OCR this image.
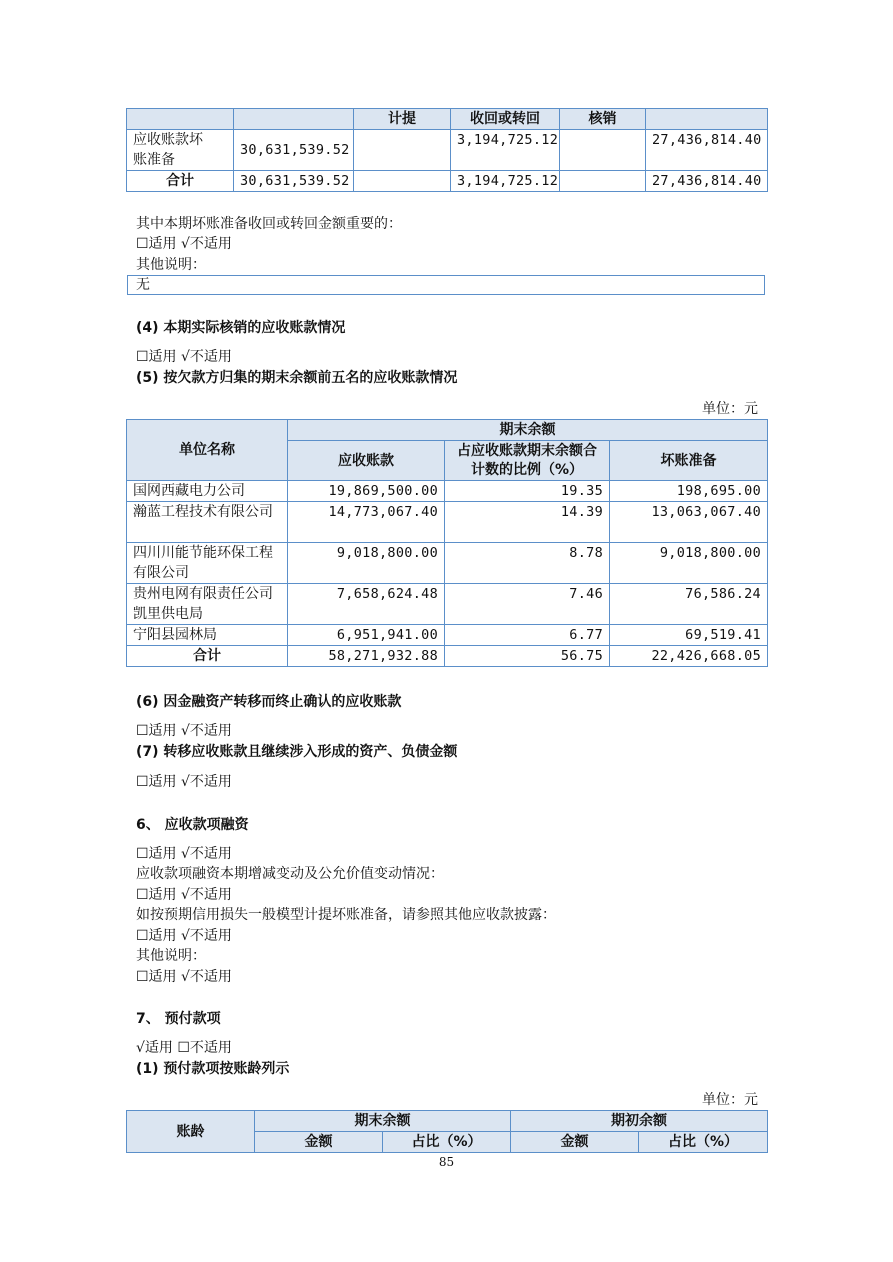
		计提	收回或转回	核销	
应收账款坏账准备	30,631,539.52		3,194,725.12		27,436,814.40
合计	30,631,539.52		3,194,725.12		27,436,814.40
其中本期坏账准备收回或转回金额重要的：
☐适用 √不适用
其他说明：
无
(4) 本期实际核销的应收账款情况
☐适用 √不适用
(5) 按欠款方归集的期末余额前五名的应收账款情况
单位：元
单位名称	期末余额		
	应收账款	占应收账款期末余额合计数的比例（%）	坏账准备
国网西藏电力公司	19,869,500.00	19.35	198,695.00
瀚蓝工程技术有限公司	14,773,067.40	14.39	13,063,067.40
四川川能节能环保工程有限公司	9,018,800.00	8.78	9,018,800.00
贵州电网有限责任公司凯里供电局	7,658,624.48	7.46	76,586.24
宁阳县园林局	6,951,941.00	6.77	69,519.41
合计	58,271,932.88	56.75	22,426,668.05
(6) 因金融资产转移而终止确认的应收账款
☐适用 √不适用
(7) 转移应收账款且继续涉入形成的资产、负债金额
☐适用 √不适用
6、 应收款项融资
☐适用 √不适用
应收款项融资本期增减变动及公允价值变动情况：
☐适用 √不适用
如按预期信用损失一般模型计提坏账准备，请参照其他应收款披露：
☐适用 √不适用
其他说明：
☐适用 √不适用
7、 预付款项
√适用 ☐不适用
(1) 预付款项按账龄列示
单位：元
账龄	期末余额		期初余额	
	金额	占比（%）	金额	占比（%）
85
